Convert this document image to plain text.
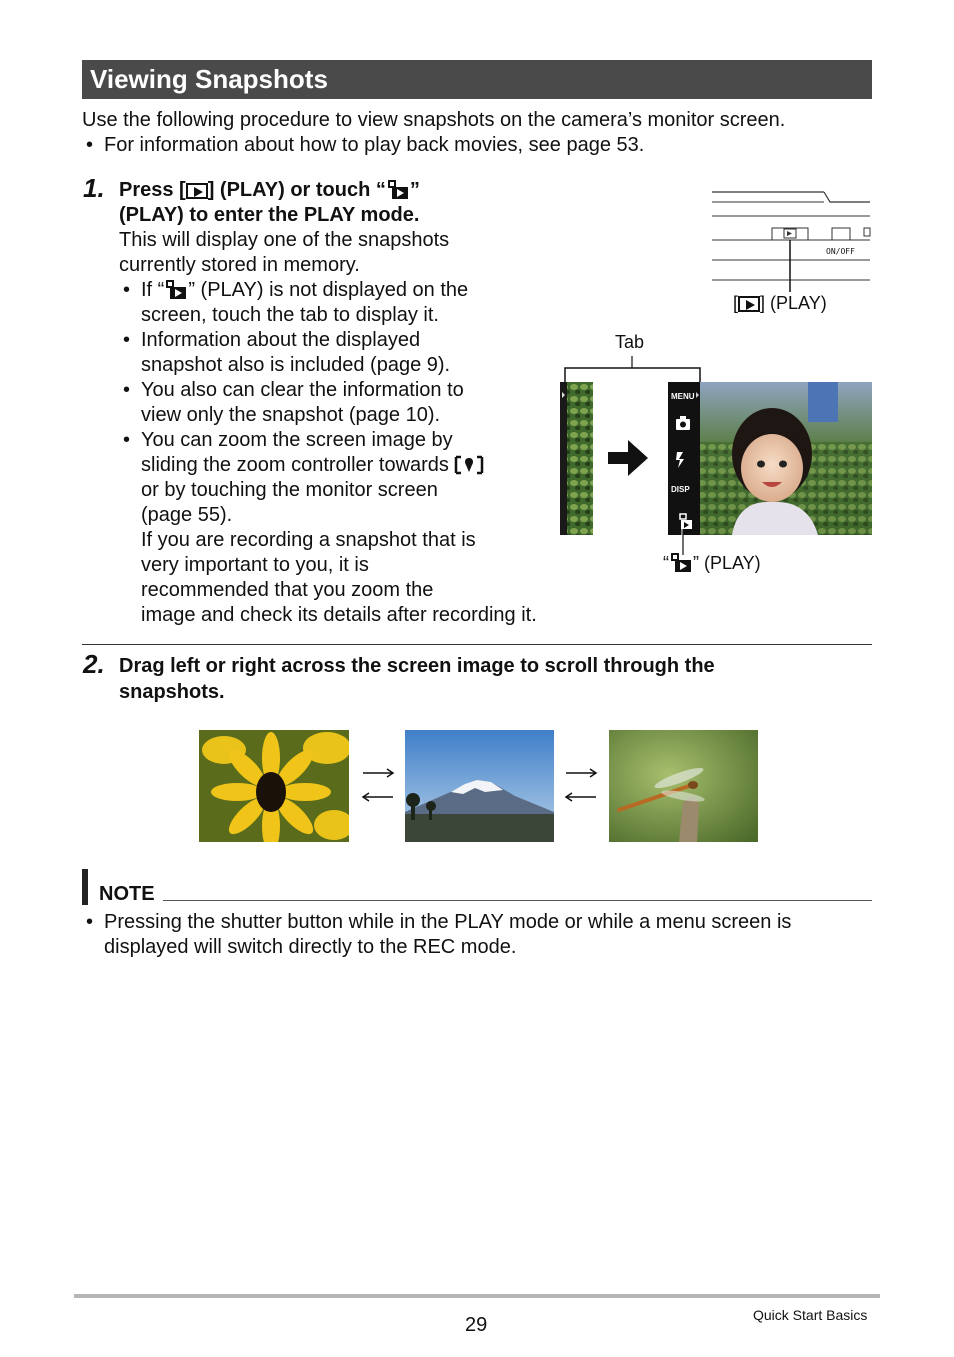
Viewing Snapshots
Use the following procedure to view snapshots on the camera’s monitor screen.
• For information about how to play back movies, see page 53.
1. Press [ ] (PLAY) or touch “ ”
(PLAY) to enter the PLAY mode.
This will display one of the snapshots
currently stored in memory.
• If “ ” (PLAY) is not displayed on the
screen, touch the tab to display it.
• Information about the displayed
snapshot also is included (page 9).
• You also can clear the information to
view only the snapshot (page 10).
• You can zoom the screen image by
sliding the zoom controller towards
or by touching the monitor screen
(page 55).
If you are recording a snapshot that is
very important to you, it is
recommended that you zoom the
image and check its details after recording it.
ON/OFF
[ ] (PLAY)
Tab
MENU
DISP
“ ” (PLAY)
2. Drag left or right across the screen image to scroll through the
snapshots.
NOTE
• Pressing the shutter button while in the PLAY mode or while a menu screen is
displayed will switch directly to the REC mode.
29	Quick Start Basics
